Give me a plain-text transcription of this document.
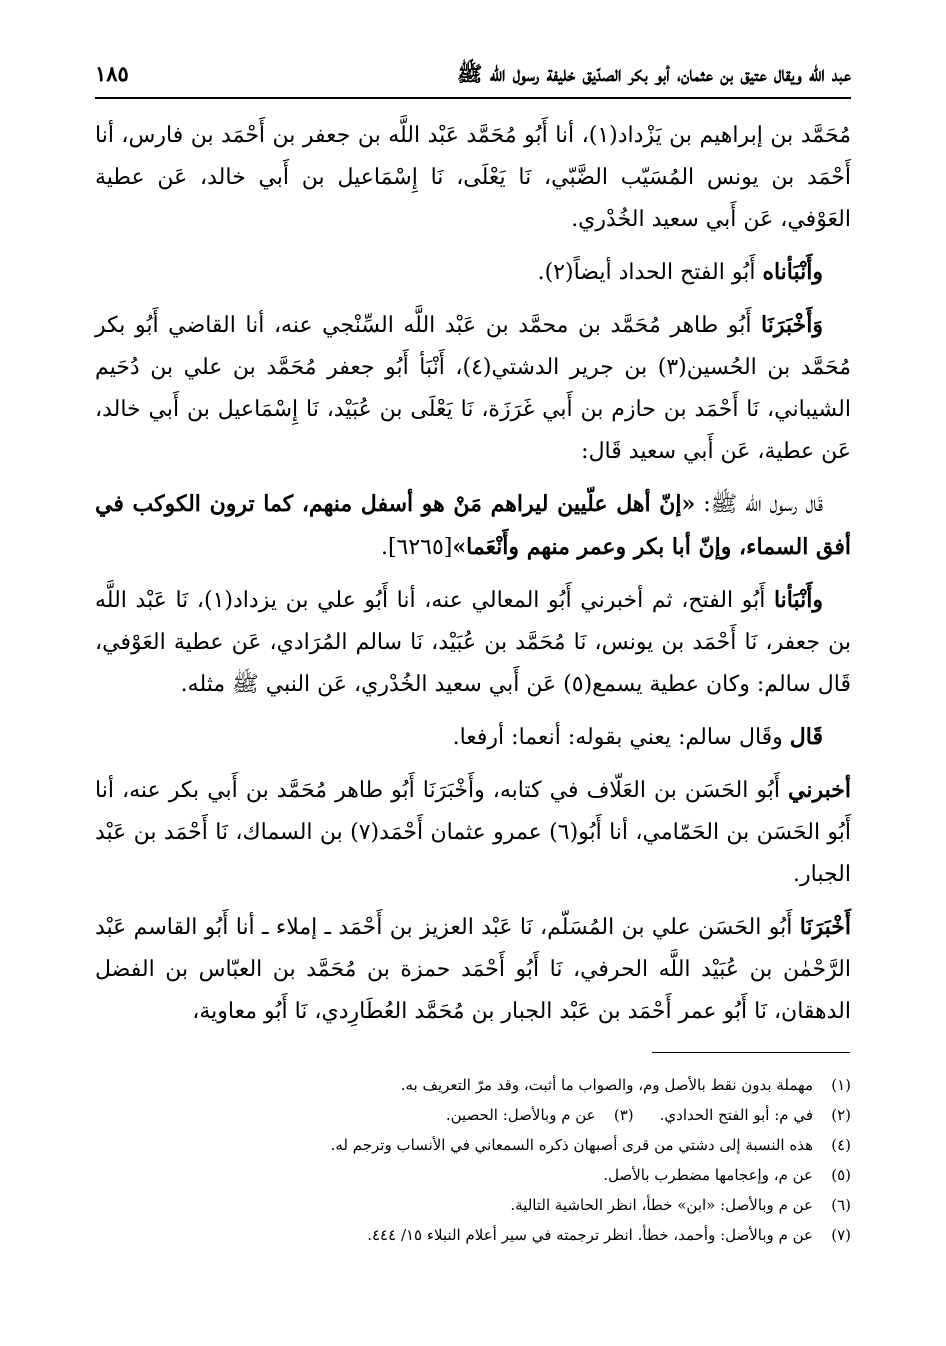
عبد الله ويقال عتيق بن عثمان، أبو بكر الصدّيق خليفة رسول الله ﷺ
١٨٥

مُحَمَّد بن إبراهيم بن يَزْداد(١)، أنا أَبُو مُحَمَّد عَبْد اللَّه بن جعفر بن أَحْمَد بن فارس، أنا أَحْمَد بن يونس المُسَيّب الضَّبّي، نَا يَعْلَى، نَا إِسْمَاعيل بن أَبي خالد، عَن عطية العَوْفي، عَن أَبي سعيد الخُدْري.

وأَنْبَأناه أَبُو الفتح الحداد أيضاً(٢).

وَأَخْبَرَنَا أَبُو طاهر مُحَمَّد بن محمَّد بن عَبْد اللَّه السِّنْجي عنه، أنا القاضي أَبُو بكر مُحَمَّد بن الحُسين(٣) بن جرير الدشتي(٤)، أَنْبَأ أَبُو جعفر مُحَمَّد بن علي بن دُحَيم الشيباني، نَا أَحْمَد بن حازم بن أَبي غَرَزَة، نَا يَعْلَى بن عُبَيْد، نَا إِسْمَاعيل بن أَبي خالد، عَن عطية، عَن أَبي سعيد قَال:

قَال رسول الله ﷺ: «إنّ أهل علّيين ليراهم مَنْ هو أسفل منهم، كما ترون الكوكب في أفق السماء، وإنّ أبا بكر وعمر منهم وأَنْعَما»[٦٢٦٥].

وأَنْبَأنا أَبُو الفتح، ثم أخبرني أَبُو المعالي عنه، أنا أَبُو علي بن يزداد(١)، نَا عَبْد اللَّه بن جعفر، نَا أَحْمَد بن يونس، نَا مُحَمَّد بن عُبَيْد، نَا سالم المُرَادي، عَن عطية العَوْفي، قَال سالم: وكان عطية يسمع(٥) عَن أَبي سعيد الخُدْري، عَن النبي ﷺ مثله.

قَال وقَال سالم: يعني بقوله: أنعما: أرفعا.

أخبرني أَبُو الحَسَن بن العَلّاف في كتابه، وأَخْبَرَنَا أَبُو طاهر مُحَمَّد بن أَبي بكر عنه، أنا أَبُو الحَسَن بن الحَمّامي، أنا أَبُو(٦) عمرو عثمان أَحْمَد(٧) بن السماك، نَا أَحْمَد بن عَبْد الجبار.

أَخْبَرَنَا أَبُو الحَسَن علي بن المُسَلّم، نَا عَبْد العزيز بن أَحْمَد ـ إملاء ـ أنا أَبُو القاسم عَبْد الرَّحْمٰن بن عُبَيْد اللَّه الحرفي، نَا أَبُو أَحْمَد حمزة بن مُحَمَّد بن العبّاس بن الفضل الدهقان، نَا أَبُو عمر أَحْمَد بن عَبْد الجبار بن مُحَمَّد العُطَارِدي، نَا أَبُو معاوية،

(١)
مهملة بدون نقط بالأصل وم، والصواب ما أثبت، وقد مرّ التعريف به.
(٢)
في م: أبو الفتح الحدادي.
(٣)
عن م وبالأصل: الحصين.
(٤)
هذه النسبة إلى دشتي من قرى أصبهان ذكره السمعاني في الأنساب وترجم له.
(٥)
عن م، وإعجامها مضطرب بالأصل.
(٦)
عن م وبالأصل: «ابن» خطأ، انظر الحاشية التالية.
(٧)
عن م وبالأصل: وأحمد، خطأ. انظر ترجمته في سير أعلام النبلاء ١٥/ ٤٤٤.
